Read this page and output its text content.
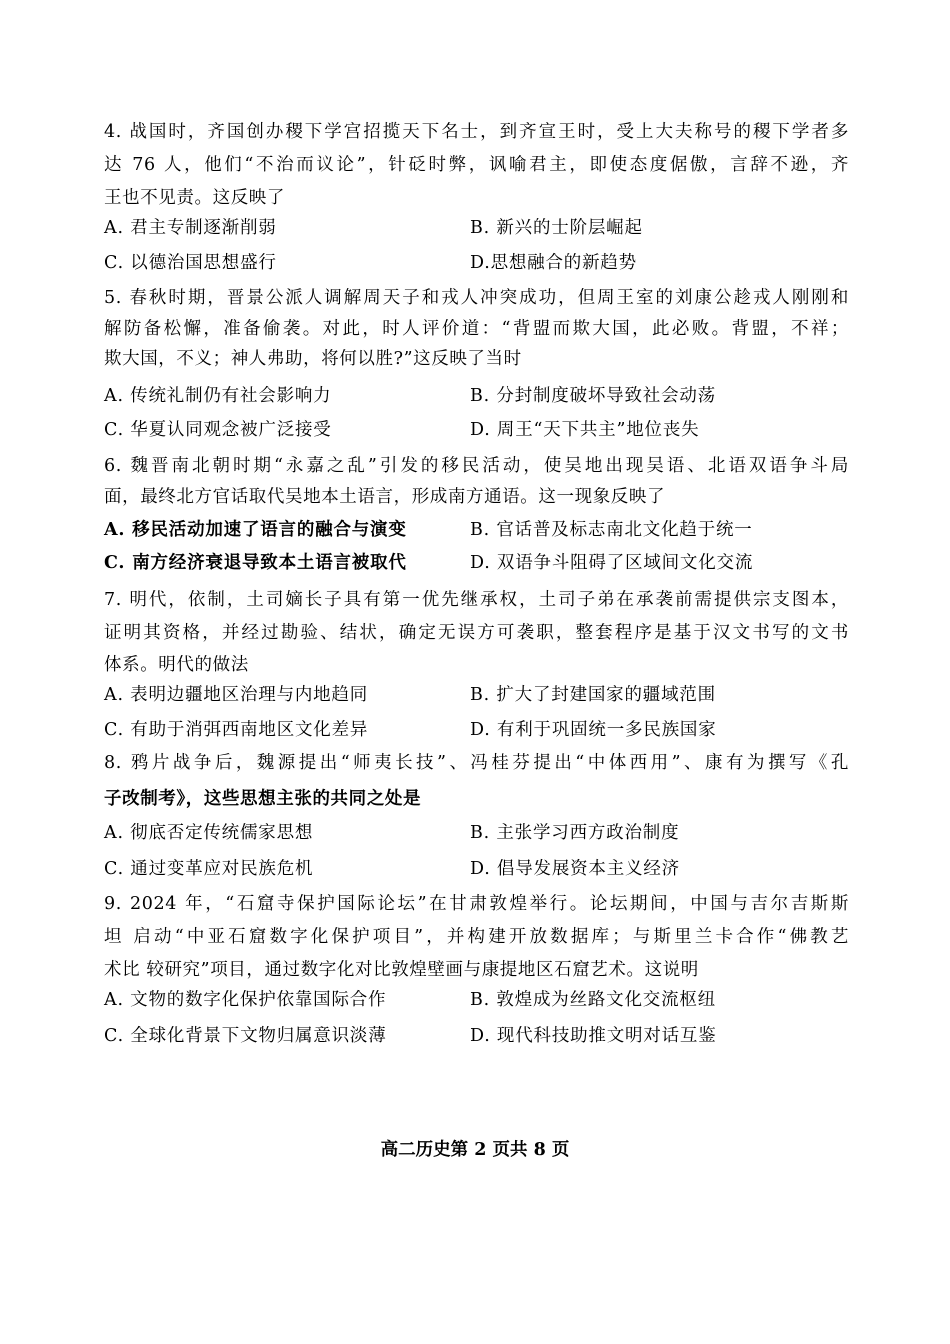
4. 战国时，齐国创办稷下学宫招揽天下名士，到齐宣王时，受上大夫称号的稷下学者多
达 76 人，他们“不治而议论”，针砭时弊，讽喻君主，即使态度倨傲，言辞不逊，齐
王也不见责。这反映了
A. 君主专制逐渐削弱	B. 新兴的士阶层崛起
C. 以德治国思想盛行	D.思想融合的新趋势
5. 春秋时期，晋景公派人调解周天子和戎人冲突成功，但周王室的刘康公趁戎人刚刚和
解防备松懈，准备偷袭。对此，时人评价道：“背盟而欺大国，此必败。背盟，不祥；
欺大国，不义；神人弗助，将何以胜?”这反映了当时
A. 传统礼制仍有社会影响力	B. 分封制度破坏导致社会动荡
C. 华夏认同观念被广泛接受	D. 周王“天下共主”地位丧失
6. 魏晋南北朝时期“永嘉之乱”引发的移民活动，使吴地出现吴语、北语双语争斗局
面，最终北方官话取代吴地本土语言，形成南方通语。这一现象反映了
A. 移民活动加速了语言的融合与演变	B. 官话普及标志南北文化趋于统一
C. 南方经济衰退导致本土语言被取代	D. 双语争斗阻碍了区域间文化交流
7. 明代，依制，土司嫡长子具有第一优先继承权，土司子弟在承袭前需提供宗支图本，
证明其资格，并经过勘验、结状，确定无误方可袭职，整套程序是基于汉文书写的文书
体系。明代的做法
A. 表明边疆地区治理与内地趋同	B. 扩大了封建国家的疆域范围
C. 有助于消弭西南地区文化差异	D. 有利于巩固统一多民族国家
8. 鸦片战争后，魏源提出“师夷长技”、冯桂芬提出“中体西用”、康有为撰写《孔
子改制考》，这些思想主张的共同之处是
A. 彻底否定传统儒家思想	B. 主张学习西方政治制度
C. 通过变革应对民族危机	D. 倡导发展资本主义经济
9. 2024 年，“石窟寺保护国际论坛”在甘肃敦煌举行。论坛期间，中国与吉尔吉斯斯
坦 启动“中亚石窟数字化保护项目”，并构建开放数据库；与斯里兰卡合作“佛教艺
术比 较研究”项目，通过数字化对比敦煌壁画与康提地区石窟艺术。这说明
A. 文物的数字化保护依靠国际合作	B. 敦煌成为丝路文化交流枢纽
C. 全球化背景下文物归属意识淡薄	D. 现代科技助推文明对话互鉴
高二历史第 2 页共 8 页
